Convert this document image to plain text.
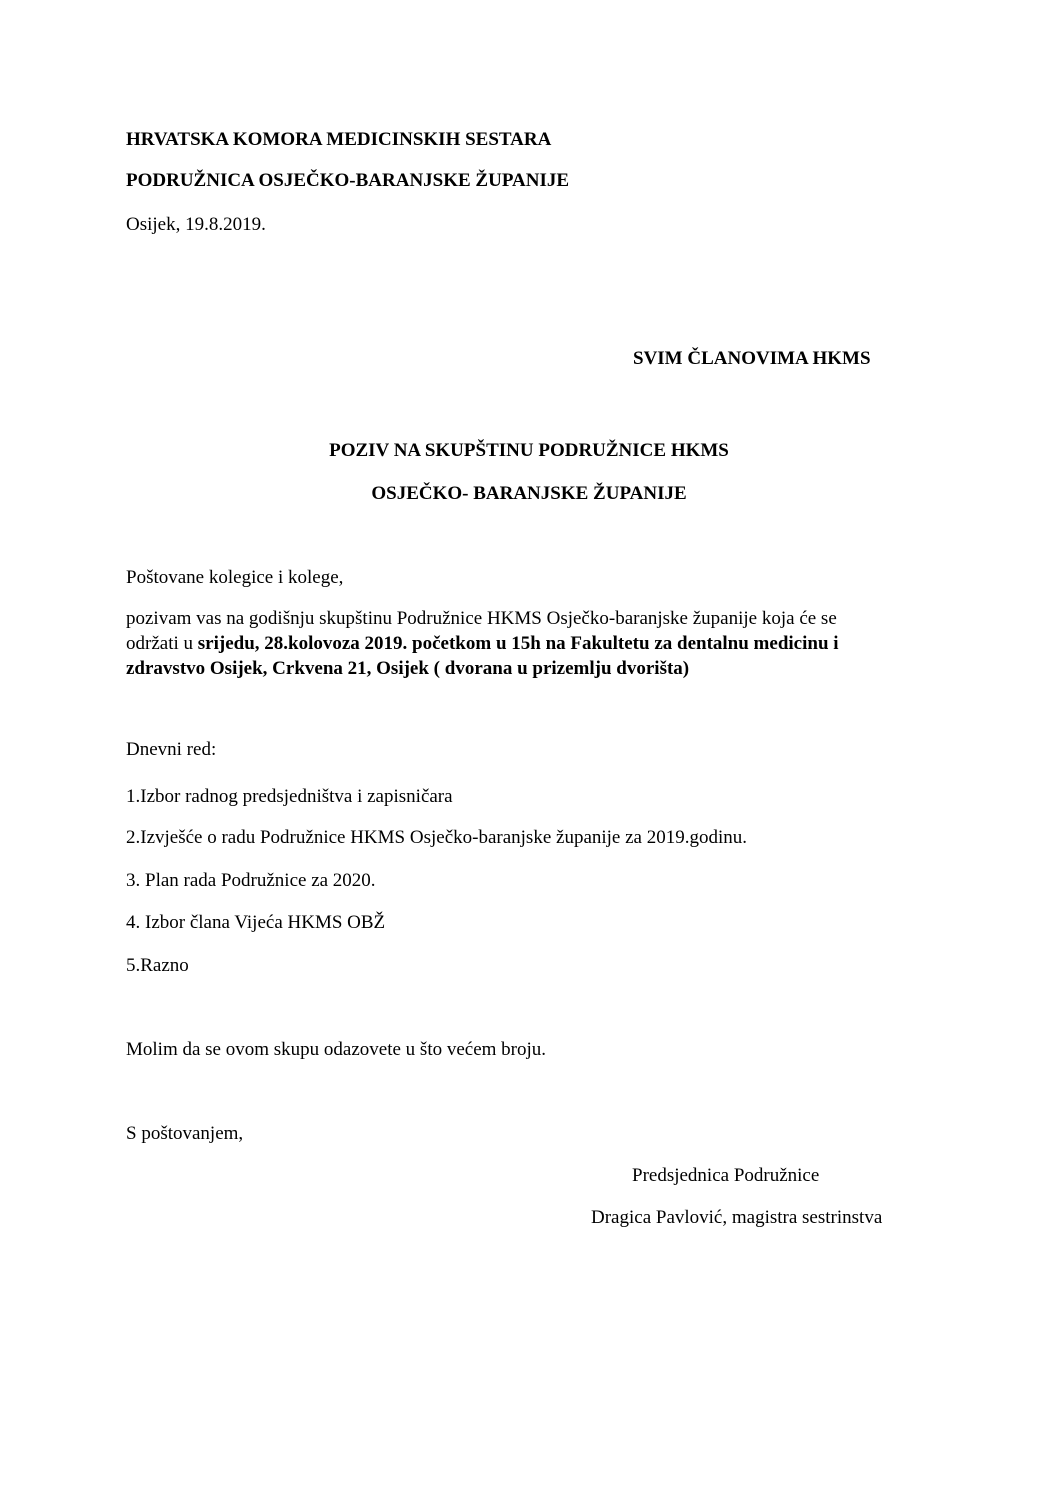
HRVATSKA KOMORA MEDICINSKIH SESTARA
PODRUŽNICA OSJEČKO-BARANJSKE ŽUPANIJE
Osijek, 19.8.2019.
SVIM ČLANOVIMA HKMS
POZIV NA SKUPŠTINU PODRUŽNICE HKMS
OSJEČKO- BARANJSKE ŽUPANIJE
Poštovane kolegice i kolege,
pozivam vas na godišnju skupštinu Podružnice HKMS Osječko-baranjske županije koja će se
održati u srijedu, 28.kolovoza 2019. početkom u 15h na Fakultetu za dentalnu medicinu i
zdravstvo Osijek, Crkvena 21, Osijek ( dvorana u prizemlju dvorišta)
Dnevni red:
1.Izbor radnog predsjedništva i zapisničara
2.Izvješće o radu Podružnice HKMS Osječko-baranjske županije za 2019.godinu.
3. Plan rada Podružnice za 2020.
4. Izbor člana Vijeća HKMS OBŽ
5.Razno
Molim da se ovom skupu odazovete u što većem broju.
S poštovanjem,
Predsjednica Podružnice
Dragica Pavlović, magistra sestrinstva
